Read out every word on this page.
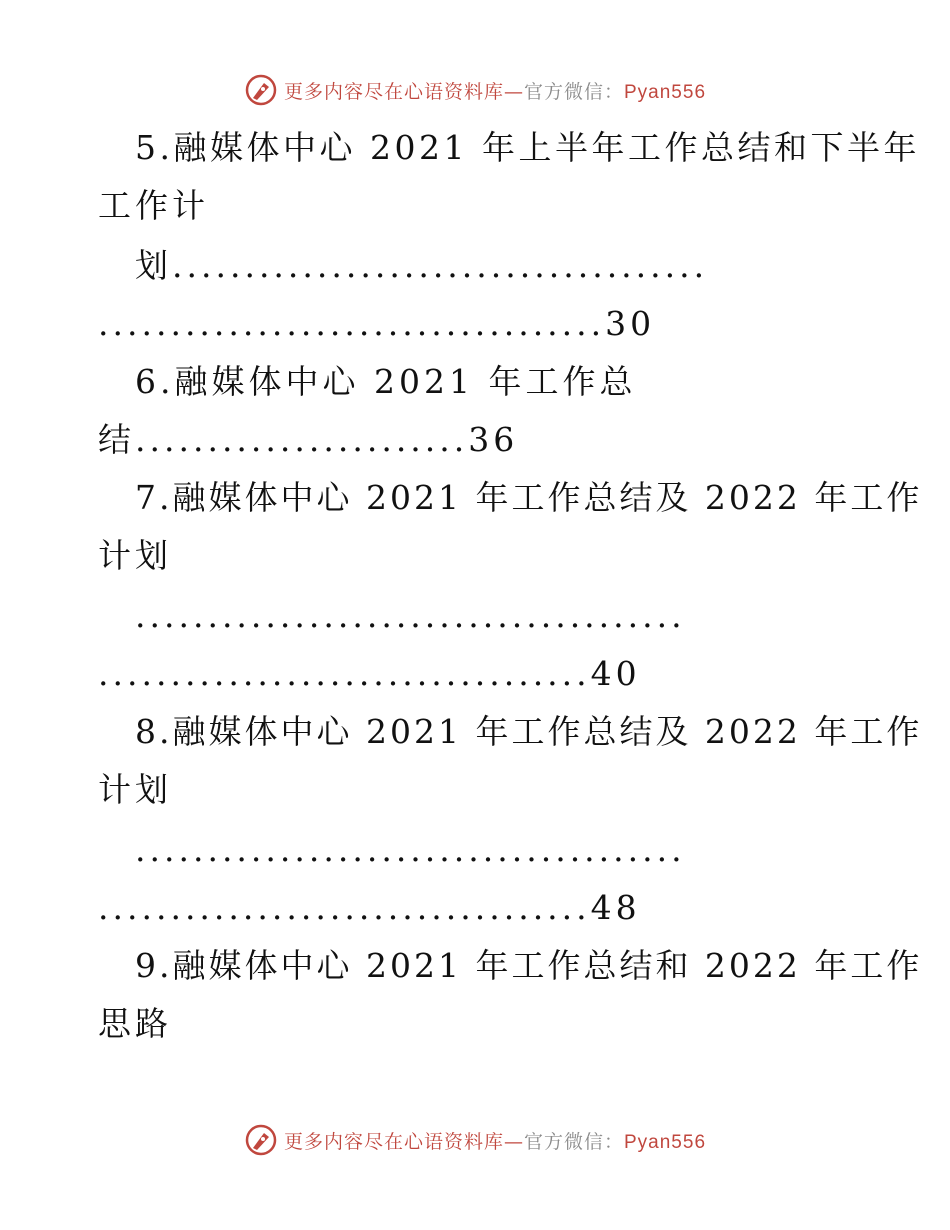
更多内容尽在心语资料库—官方微信：Pyan556
5.融媒体中心 2021 年上半年工作总结和下半年
工作计
划.....................................
...................................30
6.融媒体中心 2021 年工作总
结.......................36
7.融媒体中心 2021 年工作总结及 2022 年工作
计划
......................................
..................................40
8.融媒体中心 2021 年工作总结及 2022 年工作
计划
......................................
..................................48
9.融媒体中心 2021 年工作总结和 2022 年工作
思路
更多内容尽在心语资料库—官方微信：Pyan556
